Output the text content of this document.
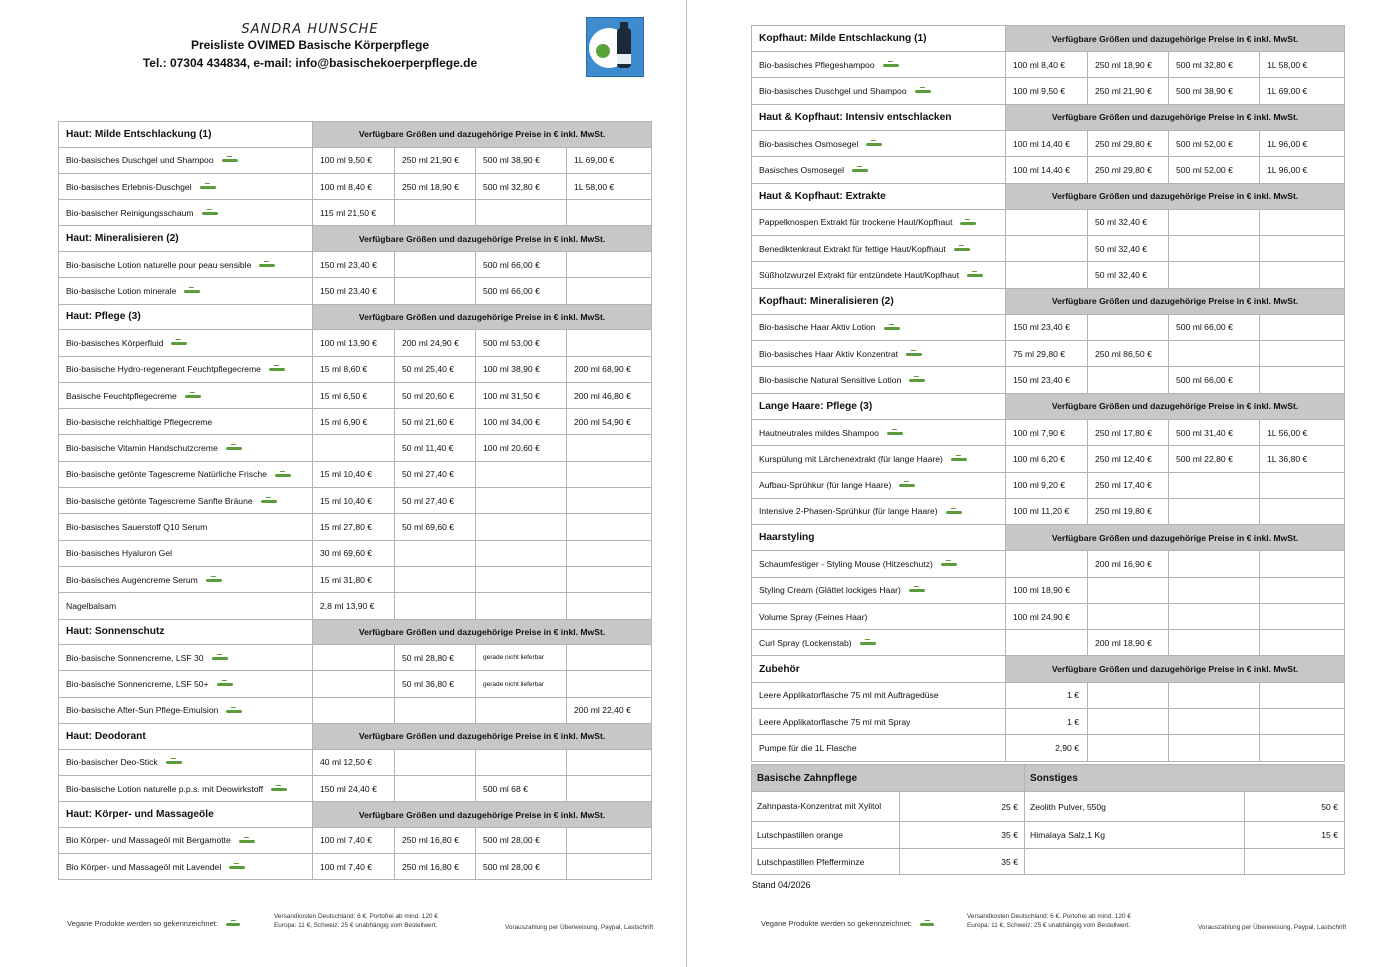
SANDRA HUNSCHE
Preisliste OVIMED Basische Körperpflege
Tel.: 07304 434834, e-mail: info@basischekoerperpflege.de
Haut: Milde Entschlackung (1)	Verfügbare Größen und dazugehörige Preise in € inkl. MwSt.			
Bio-basisches Duschgel und Shampoo	100 ml 9,50 €	250 ml 21,90 €	500 ml 38,90 €	1L 69,00 €
Bio-basisches Erlebnis-Duschgel	100 ml 8,40 €	250 ml 18,90 €	500 ml 32,80 €	1L 58,00 €
Bio-basischer Reinigungsschaum	115 ml 21,50 €			
Haut: Mineralisieren (2)	Verfügbare Größen und dazugehörige Preise in € inkl. MwSt.			
Bio-basische Lotion naturelle pour peau sensible	150 ml 23,40 €		500 ml 66,00 €	
Bio-basische Lotion minerale	150 ml 23,40 €		500 ml 66,00 €	
Haut: Pflege (3)	Verfügbare Größen und dazugehörige Preise in € inkl. MwSt.			
Bio-basisches Körperfluid	100 ml 13,90 €	200 ml 24,90 €	500 ml 53,00 €	
Bio-basische Hydro-regenerant Feuchtpflegecreme	15 ml 8,60 €	50 ml 25,40 €	100 ml 38,90 €	200 ml 68,90 €
Basische Feuchtpflegecreme	15 ml 6,50 €	50 ml 20,60 €	100 ml 31,50 €	200 ml 46,80 €
Bio-basische reichhaltige Pflegecreme	15 ml 6,90 €	50 ml 21,60 €	100 ml 34,00 €	200 ml 54,90 €
Bio-basische Vitamin Handschutzcreme		50 ml 11,40 €	100 ml 20,60 €	
Bio-basische getönte Tagescreme Natürliche Frische	15 ml 10,40 €	50 ml 27,40 €		
Bio-basische getönte Tagescreme Sanfte Bräune	15 ml 10,40 €	50 ml 27,40 €		
Bio-basisches Sauerstoff Q10 Serum	15 ml 27,80 €	50 ml 69,60 €		
Bio-basisches Hyaluron Gel	30 ml 69,60 €			
Bio-basisches Augencreme Serum	15 ml 31,80 €			
Nagelbalsam	2,8 ml 13,90 €			
Haut: Sonnenschutz	Verfügbare Größen und dazugehörige Preise in € inkl. MwSt.			
Bio-basische Sonnencreme, LSF 30		50 ml 28,80 €	gerade nicht lieferbar	
Bio-basische Sonnencreme, LSF 50+		50 ml 36,80 €	gerade nicht lieferbar	
Bio-basische After-Sun Pflege-Emulsion				200 ml 22,40 €
Haut: Deodorant	Verfügbare Größen und dazugehörige Preise in € inkl. MwSt.			
Bio-basischer Deo-Stick	40 ml 12,50 €			
Bio-basische Lotion naturelle p.p.s. mit Deowirkstoff	150 ml 24,40 €		500 ml 68 €	
Haut: Körper- und Massageöle	Verfügbare Größen und dazugehörige Preise in € inkl. MwSt.			
Bio Körper- und Massageöl mit Bergamotte	100 ml 7,40 €	250 ml 16,80 €	500 ml 28,00 €	
Bio Körper- und Massageöl mit Lavendel	100 ml 7,40 €	250 ml 16,80 €	500 ml 28,00 €	
Vegane Produkte werden so gekennzeichnet:
Versandkosten Deutschland: 6 €. Portofrei ab mind. 120 €
Europa: 11 €, Schweiz: 25 € unabhängig vom Bestellwert.	Vorauszahlung per Überweisung, Paypal, Lastschrift
Kopfhaut: Milde Entschlackung (1)	Verfügbare Größen und dazugehörige Preise in € inkl. MwSt.			
Bio-basisches Pflegeshampoo	100 ml 8,40 €	250 ml 18,90 €	500 ml 32,80 €	1L 58,00 €
Bio-basisches Duschgel und Shampoo	100 ml 9,50 €	250 ml 21,90 €	500 ml 38,90 €	1L 69,00 €
Haut & Kopfhaut: Intensiv entschlacken	Verfügbare Größen und dazugehörige Preise in € inkl. MwSt.			
Bio-basisches Osmosegel	100 ml 14,40 €	250 ml 29,80 €	500 ml 52,00 €	1L 96,00 €
Basisches Osmosegel	100 ml 14,40 €	250 ml 29,80 €	500 ml 52,00 €	1L 96,00 €
Haut & Kopfhaut: Extrakte	Verfügbare Größen und dazugehörige Preise in € inkl. MwSt.			
Pappelknospen Extrakt für trockene Haut/Kopfhaut		50 ml 32,40 €		
Benediktenkraut Extrakt für fettige Haut/Kopfhaut		50 ml 32,40 €		
Süßholzwurzel Extrakt für entzündete Haut/Kopfhaut		50 ml 32,40 €		
Kopfhaut: Mineralisieren (2)	Verfügbare Größen und dazugehörige Preise in € inkl. MwSt.			
Bio-basische Haar Aktiv Lotion	150 ml 23,40 €		500 ml 66,00 €	
Bio-basisches Haar Aktiv Konzentrat	75 ml 29,80 €	250 ml 86,50 €		
Bio-basische Natural Sensitive Lotion	150 ml 23,40 €		500 ml 66,00 €	
Lange Haare: Pflege (3)	Verfügbare Größen und dazugehörige Preise in € inkl. MwSt.			
Hautneutrales mildes Shampoo	100 ml 7,90 €	250 ml 17,80 €	500 ml 31,40 €	1L 56,00 €
Kurspülung mit Lärchenextrakt (für lange Haare)	100 ml 6,20 €	250 ml 12,40 €	500 ml 22,80 €	1L 36,80 €
Aufbau-Sprühkur (für lange Haare)	100 ml 9,20 €	250 ml 17,40 €		
Intensive 2-Phasen-Sprühkur (für lange Haare)	100 ml 11,20 €	250 ml 19,80 €		
Haarstyling	Verfügbare Größen und dazugehörige Preise in € inkl. MwSt.			
Schaumfestiger - Styling Mouse (Hitzeschutz)		200 ml 16,90 €		
Styling Cream (Glättet lockiges Haar)	100 ml 18,90 €			
Volume Spray (Feines Haar)	100 ml 24,90 €			
Curl Spray (Lockenstab)		200 ml 18,90 €		
Zubehör	Verfügbare Größen und dazugehörige Preise in € inkl. MwSt.			
Leere Applikatorflasche 75 ml mit Auftragedüse	1 €			
Leere Applikatorflasche 75 ml mit Spray	1 €			
Pumpe für die 1L Flasche	2,90 €			
Basische Zahnpflege		Sonstiges	
Zahnpasta-Konzentrat mit Xylitol	25 €	Zeolith Pulver, 550g	50 €
Lutschpastillen orange	35 €	Himalaya Salz,1 Kg	15 €
Lutschpastillen Pfefferminze	35 €		
Stand 04/2026
Vegane Produkte werden so gekennzeichnet:
Versandkosten Deutschland: 6 €. Portofrei ab mind. 120 €
Europa: 11 €, Schweiz: 25 € unabhängig vom Bestellwert.	Vorauszahlung per Überweisung, Paypal, Lastschrift
